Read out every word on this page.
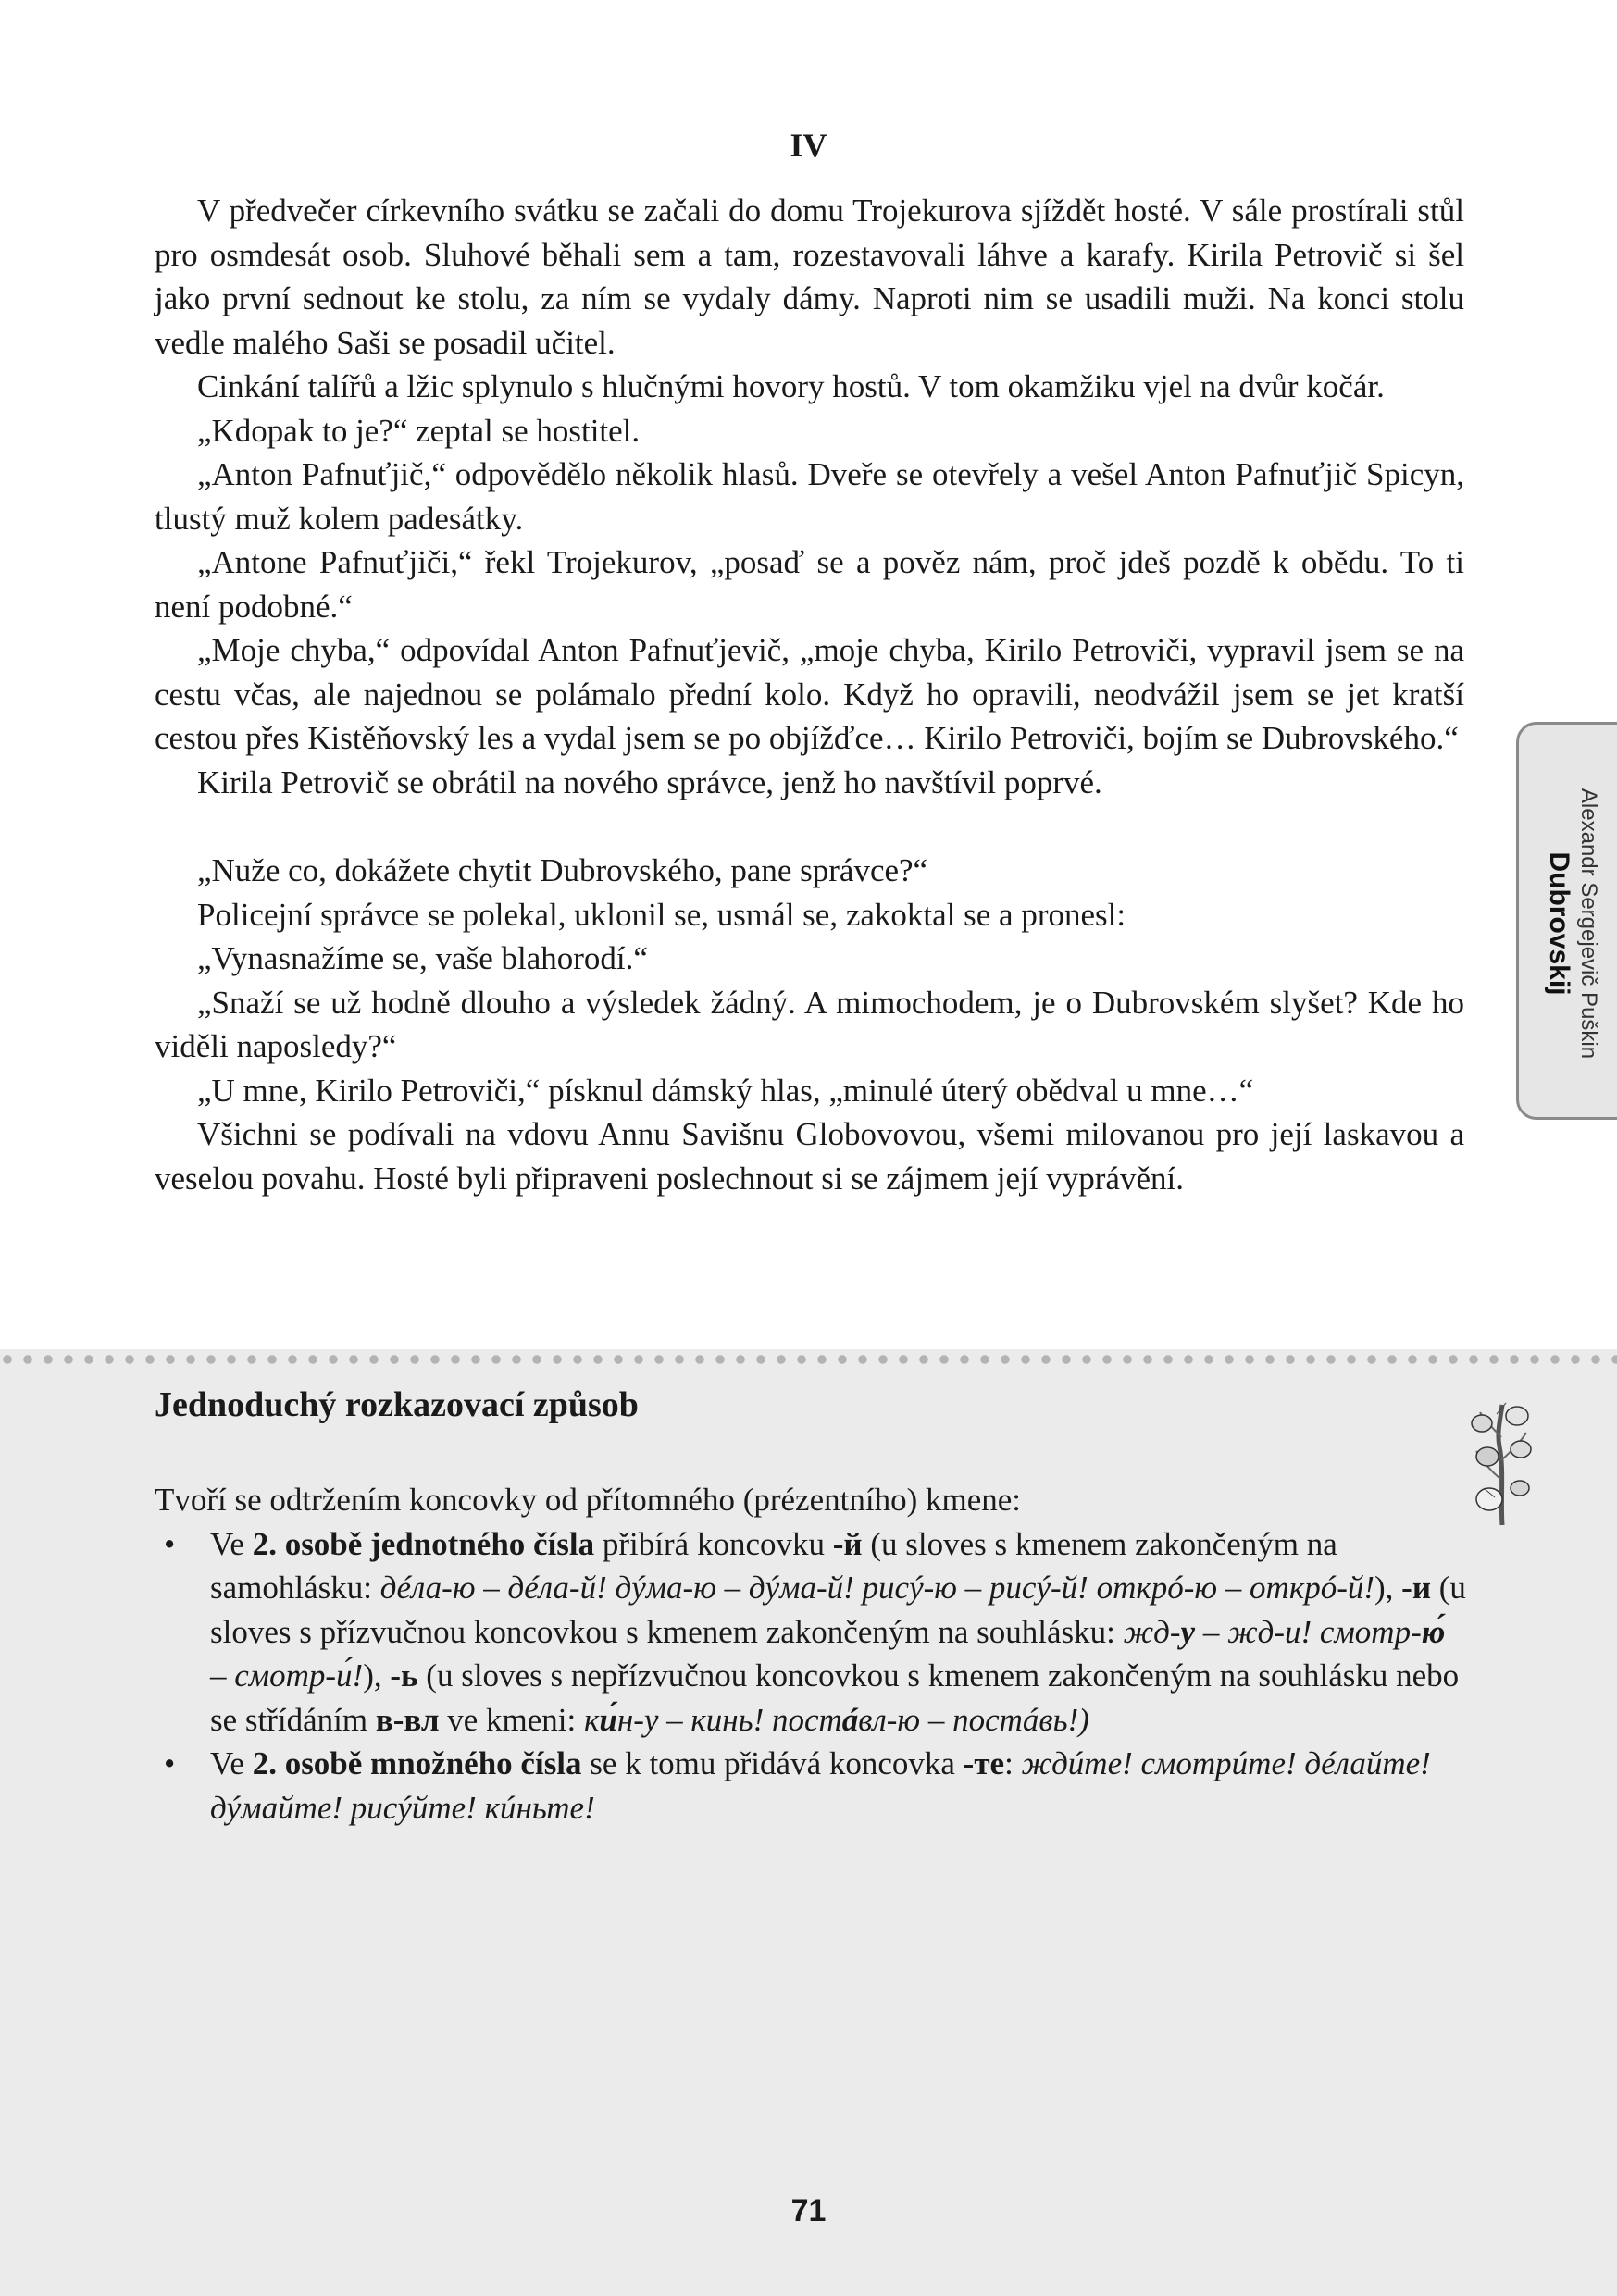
IV

V předvečer církevního svátku se začali do domu Trojekurova sjíždět hosté. V sále prostírali stůl pro osmdesát osob. Sluhové běhali sem a tam, rozestavovali láhve a karafy. Kirila Petrovič si šel jako první sednout ke stolu, za ním se vydaly dámy. Naproti nim se usadili muži. Na konci stolu vedle malého Saši se posadil učitel.

Cinkání talířů a lžic splynulo s hlučnými hovory hostů. V tom okamžiku vjel na dvůr kočár.

„Kdopak to je?“ zeptal se hostitel.

„Anton Pafnuťjič,“ odpovědělo několik hlasů. Dveře se otevřely a vešel Anton Pafnuťjič Spicyn, tlustý muž kolem padesátky.

„Antone Pafnuťjiči,“ řekl Trojekurov, „posaď se a pověz nám, proč jdeš pozdě k obědu. To ti není podobné.“

„Moje chyba,“ odpovídal Anton Pafnuťjevič, „moje chyba, Kirilo Petroviči, vypravil jsem se na cestu včas, ale najednou se polámalo přední kolo. Když ho opravili, neodvážil jsem se jet kratší cestou přes Kistěňovský les a vydal jsem se po objížďce… Kirilo Petroviči, bojím se Dubrovského.“

Kirila Petrovič se obrátil na nového správce, jenž ho navštívil poprvé.

„Nuže co, dokážete chytit Dubrovského, pane správce?“

Policejní správce se polekal, uklonil se, usmál se, zakoktal se a pronesl:

„Vynasnažíme se, vaše blahorodí.“

„Snaží se už hodně dlouho a výsledek žádný. A mimochodem, je o Dubrovském slyšet? Kde ho viděli naposledy?“

„U mne, Kirilo Petroviči,“ písknul dámský hlas, „minulé úterý obědval u mne…“

Všichni se podívali na vdovu Annu Savišnu Globovovou, všemi milovanou pro její laskavou a veselou povahu. Hosté byli připraveni poslechnout si se zájmem její vyprávění.

Alexandr Sergejevič Puškin
Dubrovskij
Jednoduchý rozkazovací způsob

Tvoří se odtržením koncovky od přítomného (prézentního) kmene:

• Ve 2. osobě jednotného čísla přibírá koncovku -й (u sloves s kmenem zakončeným na samohlásku: дéла-ю – дéла-й! дýма-ю – дýма-й! рисý-ю – рисý-й! открó-ю – открó-й!), -и (u sloves s přízvučnou koncovkou s kmenem zakončeným na souhlásku: жд-у – жд-и! смотр-ю́ – смотр-и́!), -ь (u sloves s nepřízvučnou koncovkou s kmenem zakončeným na souhlásku nebo se střídáním в-вл ve kmeni: ки́н-у – кинь! постáвл-ю – постáвь!)
• Ve 2. osobě množného čísla se k tomu přidává koncovka -те: ждúте! смотрúте! дéлайте! дýмайте! рисýйте! кúньте!
71
